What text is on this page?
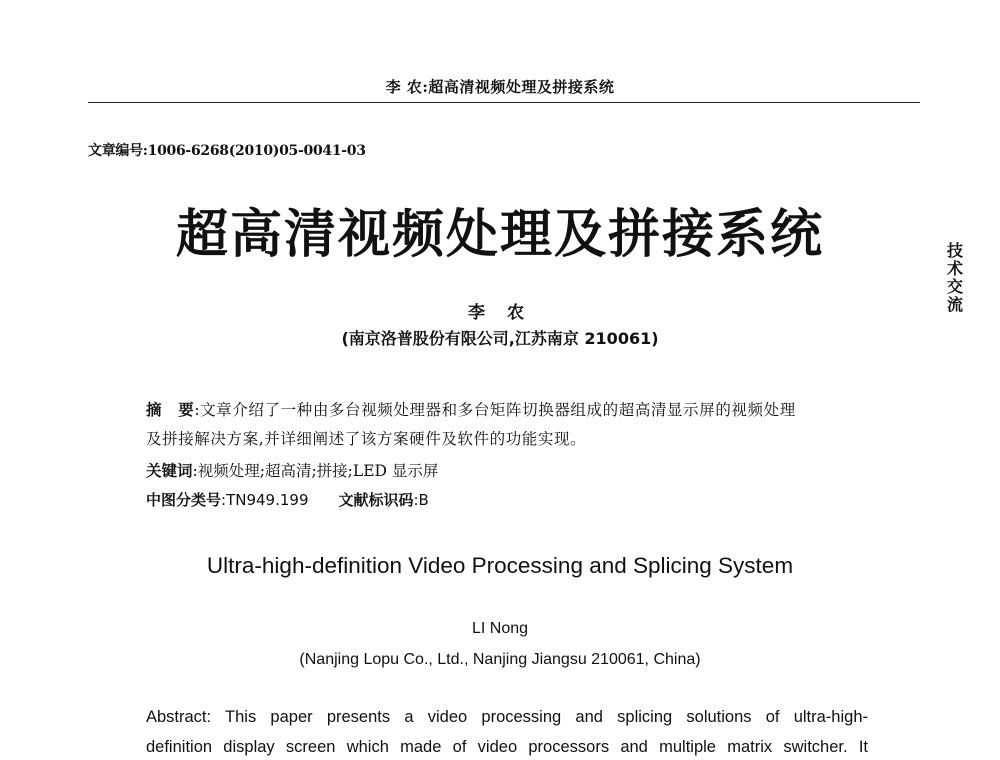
李 农:超高清视频处理及拼接系统
文章编号:1006-6268(2010)05-0041-03
超高清视频处理及拼接系统	技
术
交
流
李 农
(南京洛普股份有限公司,江苏南京 210061)
摘　要:文章介绍了一种由多台视频处理器和多台矩阵切换器组成的超高清显示屏的视频处理
及拼接解决方案,并详细阐述了该方案硬件及软件的功能实现。
关键词:视频处理;超高清;拼接;LED 显示屏
中图分类号:TN949.199 文献标识码:B
Ultra-high-definition Video Processing and Splicing System
LI Nong
(Nanjing Lopu Co., Ltd., Nanjing Jiangsu 210061, China)
Abstract: This paper presents a video processing and splicing solutions of ultra-high-
definition display screen which made of video processors and multiple matrix switcher. It
